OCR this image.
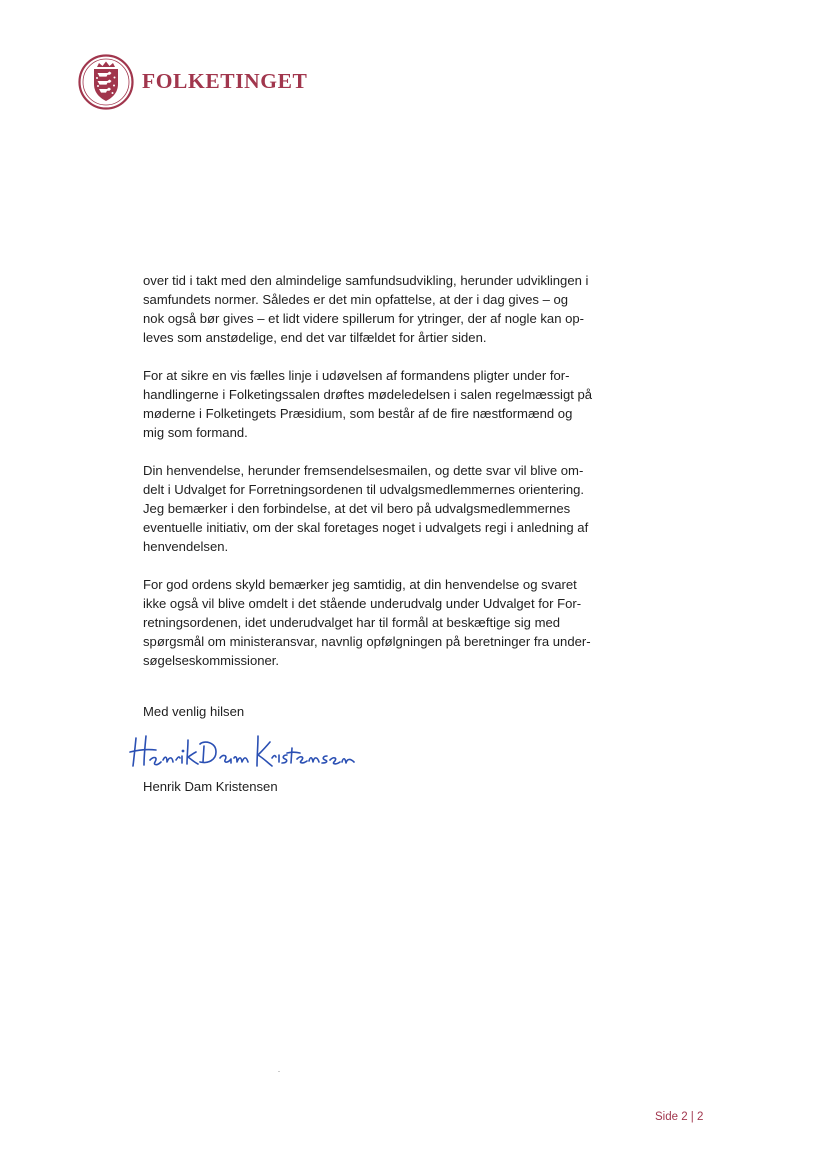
FOLKETINGET

over tid i takt med den almindelige samfundsudvikling, herunder udviklingen i
samfundets normer. Således er det min opfattelse, at der i dag gives – og
nok også bør gives – et lidt videre spillerum for ytringer, der af nogle kan op-
leves som anstødelige, end det var tilfældet for årtier siden.

For at sikre en vis fælles linje i udøvelsen af formandens pligter under for-
handlingerne i Folketingssalen drøftes mødeledelsen i salen regelmæssigt på
møderne i Folketingets Præsidium, som består af de fire næstformænd og
mig som formand.

Din henvendelse, herunder fremsendelsesmailen, og dette svar vil blive om-
delt i Udvalget for Forretningsordenen til udvalgsmedlemmernes orientering.
Jeg bemærker i den forbindelse, at det vil bero på udvalgsmedlemmernes
eventuelle initiativ, om der skal foretages noget i udvalgets regi i anledning af
henvendelsen.

For god ordens skyld bemærker jeg samtidig, at din henvendelse og svaret
ikke også vil blive omdelt i det stående underudvalg under Udvalget for For-
retningsordenen, idet underudvalget har til formål at beskæftige sig med
spørgsmål om ministeransvar, navnlig opfølgningen på beretninger fra under-
søgelseskommissioner.

Med venlig hilsen
Henrik Dam Kristensen
Side 2 | 2
